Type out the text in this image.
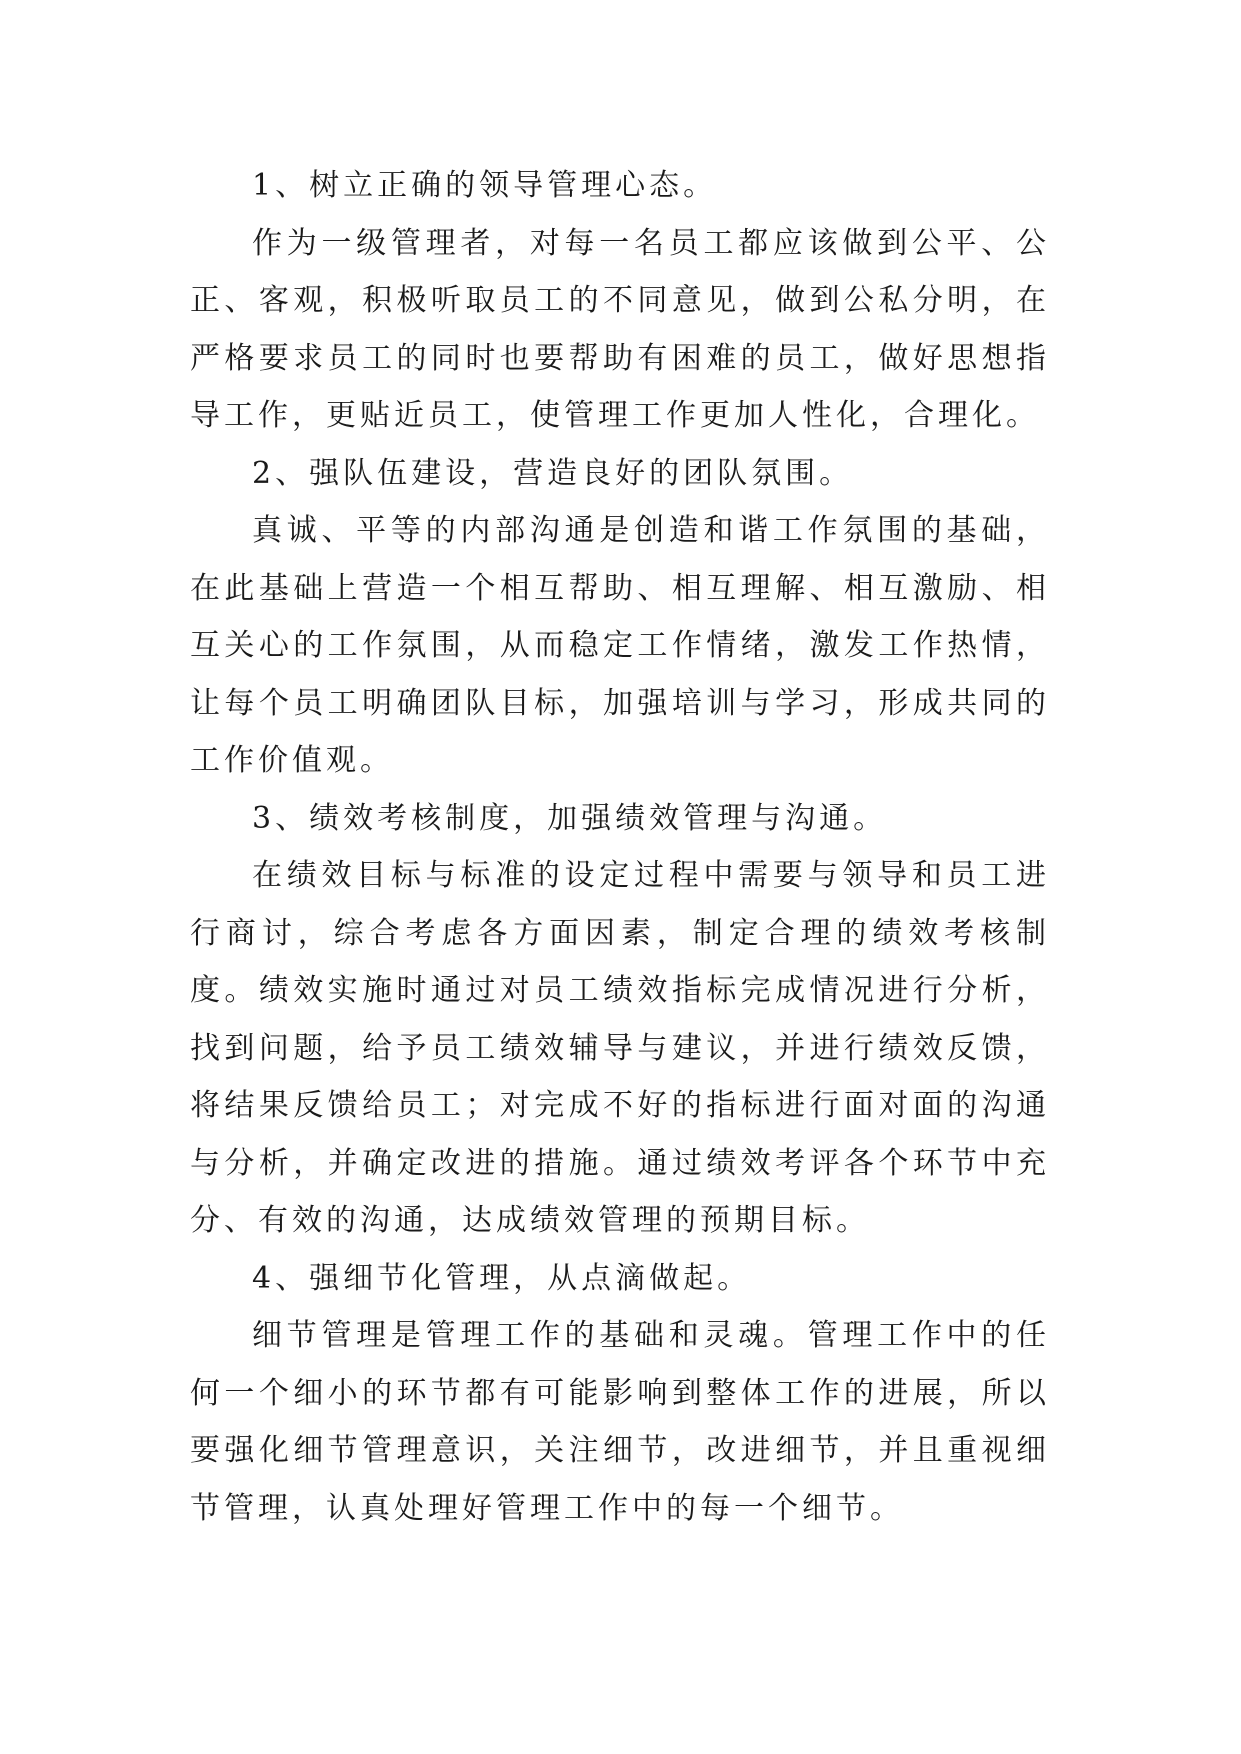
1、树立正确的领导管理心态。

作为一级管理者，对每一名员工都应该做到公平、公正、客观，积极听取员工的不同意见，做到公私分明，在严格要求员工的同时也要帮助有困难的员工，做好思想指导工作，更贴近员工，使管理工作更加人性化，合理化。

2、强队伍建设，营造良好的团队氛围。

真诚、平等的内部沟通是创造和谐工作氛围的基础，在此基础上营造一个相互帮助、相互理解、相互激励、相互关心的工作氛围，从而稳定工作情绪，激发工作热情，让每个员工明确团队目标，加强培训与学习，形成共同的工作价值观。

3、绩效考核制度，加强绩效管理与沟通。

在绩效目标与标准的设定过程中需要与领导和员工进行商讨，综合考虑各方面因素，制定合理的绩效考核制度。绩效实施时通过对员工绩效指标完成情况进行分析，找到问题，给予员工绩效辅导与建议，并进行绩效反馈，将结果反馈给员工；对完成不好的指标进行面对面的沟通与分析，并确定改进的措施。通过绩效考评各个环节中充分、有效的沟通，达成绩效管理的预期目标。

4、强细节化管理，从点滴做起。

细节管理是管理工作的基础和灵魂。管理工作中的任何一个细小的环节都有可能影响到整体工作的进展，所以要强化细节管理意识，关注细节，改进细节，并且重视细节管理，认真处理好管理工作中的每一个细节。
